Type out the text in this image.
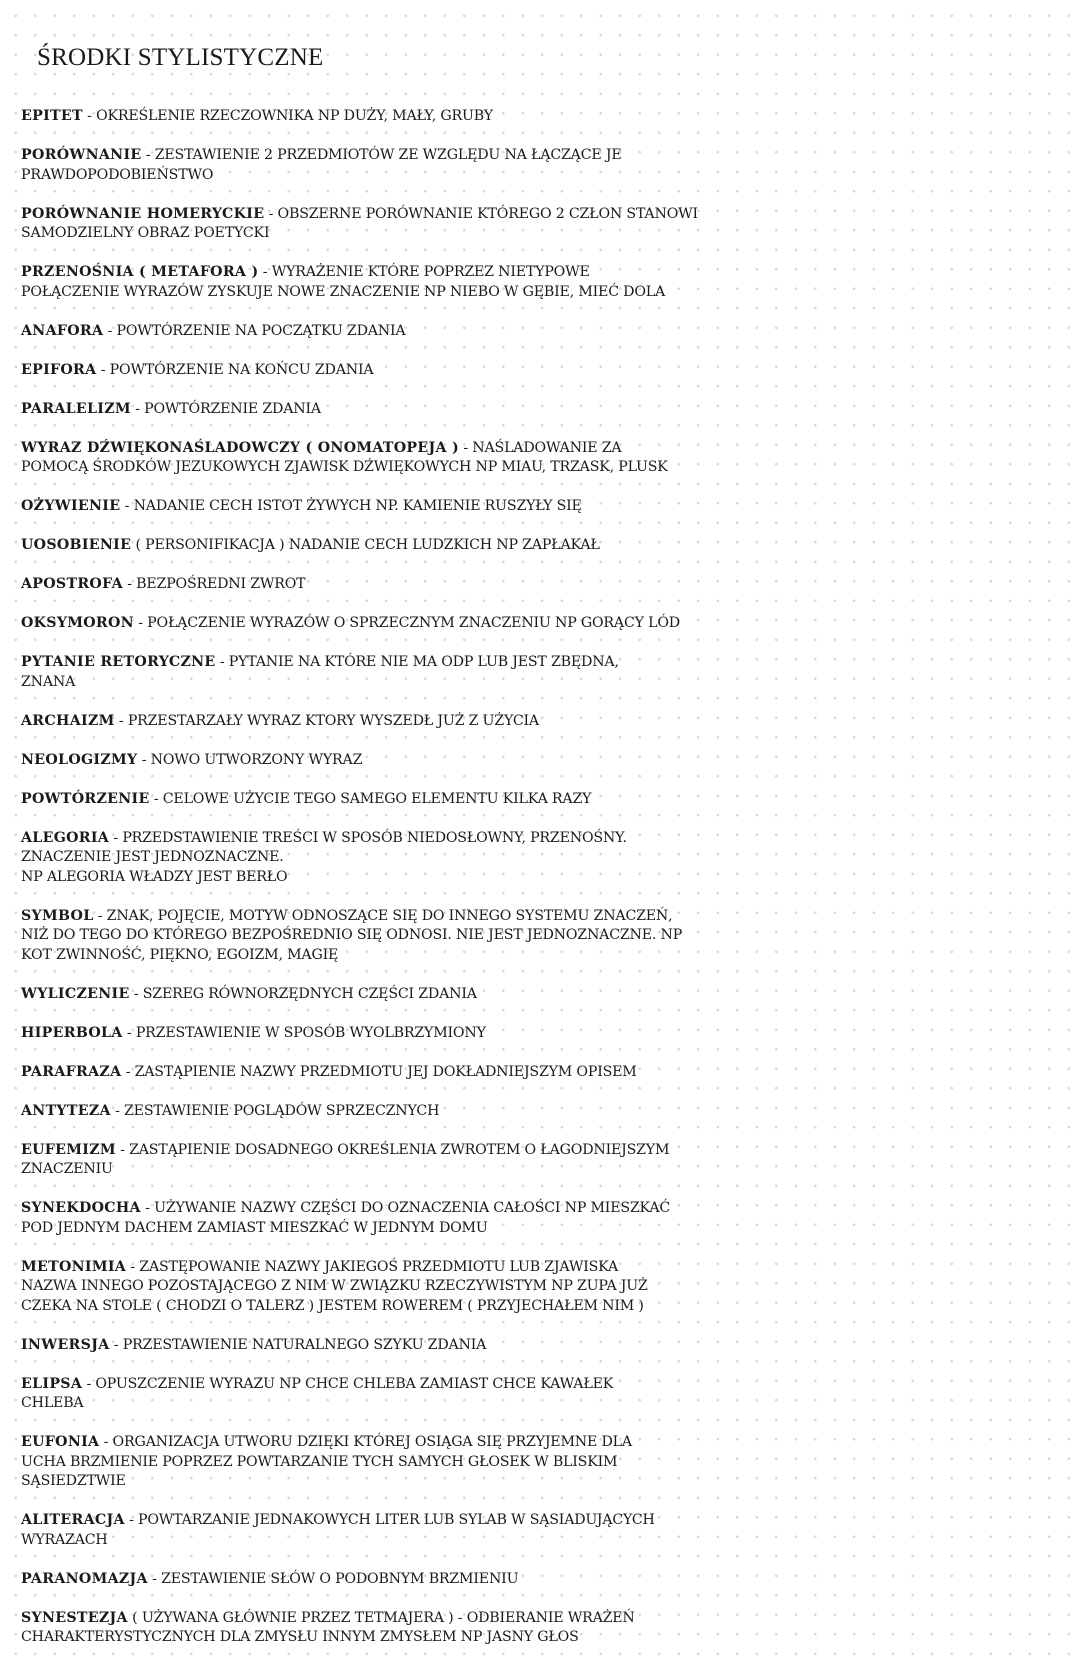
ŚRODKI STYLISTYCZNE

EPITET - OKREŚLENIE RZECZOWNIKA NP DUŻY, MAŁY, GRUBY

PORÓWNANIE - ZESTAWIENIE 2 PRZEDMIOTÓW ZE WZGLĘDU NA ŁĄCZĄCE JE
PRAWDOPODOBIEŃSTWO

PORÓWNANIE HOMERYCKIE - OBSZERNE PORÓWNANIE KTÓREGO 2 CZŁON STANOWI
SAMODZIELNY OBRAZ POETYCKI

PRZENOŚNIA ( METAFORA ) - WYRAŻENIE KTÓRE POPRZEZ NIETYPOWE
POŁĄCZENIE WYRAZÓW ZYSKUJE NOWE ZNACZENIE NP NIEBO W GĘBIE, MIEĆ DOLA

ANAFORA - POWTÓRZENIE NA POCZĄTKU ZDANIA

EPIFORA - POWTÓRZENIE NA KOŃCU ZDANIA

PARALELIZM - POWTÓRZENIE ZDANIA

WYRAZ DŹWIĘKONAŚLADOWCZY ( ONOMATOPEJA ) - NAŚLADOWANIE ZA
POMOCĄ ŚRODKÓW JEZUKOWYCH ZJAWISK DŹWIĘKOWYCH NP MIAU, TRZASK, PLUSK

OŻYWIENIE - NADANIE CECH ISTOT ŻYWYCH NP. KAMIENIE RUSZYŁY SIĘ

UOSOBIENIE ( PERSONIFIKACJA ) NADANIE CECH LUDZKICH NP ZAPŁAKAŁ

APOSTROFA - BEZPOŚREDNI ZWROT

OKSYMORON - POŁĄCZENIE WYRAZÓW O SPRZECZNYM ZNACZENIU NP GORĄCY LÓD

PYTANIE RETORYCZNE - PYTANIE NA KTÓRE NIE MA ODP LUB JEST ZBĘDNA,
ZNANA

ARCHAIZM - PRZESTARZAŁY WYRAZ KTORY WYSZEDŁ JUŻ Z UŻYCIA

NEOLOGIZMY - NOWO UTWORZONY WYRAZ

POWTÓRZENIE - CELOWE UŻYCIE TEGO SAMEGO ELEMENTU KILKA RAZY

ALEGORIA - PRZEDSTAWIENIE TREŚCI W SPOSÓB NIEDOSŁOWNY, PRZENOŚNY.
ZNACZENIE JEST JEDNOZNACZNE.
NP ALEGORIA WŁADZY JEST BERŁO

SYMBOL - ZNAK, POJĘCIE, MOTYW ODNOSZĄCE SIĘ DO INNEGO SYSTEMU ZNACZEŃ,
NIŻ DO TEGO DO KTÓREGO BEZPOŚREDNIO SIĘ ODNOSI. NIE JEST JEDNOZNACZNE. NP
KOT ZWINNOŚĆ, PIĘKNO, EGOIZM, MAGIĘ

WYLICZENIE - SZEREG RÓWNORZĘDNYCH CZĘŚCI ZDANIA

HIPERBOLA - PRZESTAWIENIE W SPOSÓB WYOLBRZYMIONY

PARAFRAZA - ZASTĄPIENIE NAZWY PRZEDMIOTU JEJ DOKŁADNIEJSZYM OPISEM

ANTYTEZA - ZESTAWIENIE POGLĄDÓW SPRZECZNYCH

EUFEMIZM - ZASTĄPIENIE DOSADNEGO OKREŚLENIA ZWROTEM O ŁAGODNIEJSZYM
ZNACZENIU

SYNEKDOCHA - UŻYWANIE NAZWY CZĘŚCI DO OZNACZENIA CAŁOŚCI NP MIESZKAĆ
POD JEDNYM DACHEM ZAMIAST MIESZKAĆ W JEDNYM DOMU

METONIMIA - ZASTĘPOWANIE NAZWY JAKIEGOŚ PRZEDMIOTU LUB ZJAWISKA
NAZWA INNEGO POZOSTAJĄCEGO Z NIM W ZWIĄZKU RZECZYWISTYM NP ZUPA JUŻ
CZEKA NA STOLE ( CHODZI O TALERZ ) JESTEM ROWEREM ( PRZYJECHAŁEM NIM )

INWERSJA - PRZESTAWIENIE NATURALNEGO SZYKU ZDANIA

ELIPSA - OPUSZCZENIE WYRAZU NP CHCE CHLEBA ZAMIAST CHCE KAWAŁEK
CHLEBA

EUFONIA - ORGANIZACJA UTWORU DZIĘKI KTÓREJ OSIĄGA SIĘ PRZYJEMNE DLA
UCHA BRZMIENIE POPRZEZ POWTARZANIE TYCH SAMYCH GŁOSEK W BLISKIM
SĄSIEDZTWIE

ALITERACJA - POWTARZANIE JEDNAKOWYCH LITER LUB SYLAB W SĄSIADUJĄCYCH
WYRAZACH

PARANOMAZJA - ZESTAWIENIE SŁÓW O PODOBNYM BRZMIENIU

SYNESTEZJA ( UŻYWANA GŁÓWNIE PRZEZ TETMAJERA ) - ODBIERANIE WRAŻEŃ
CHARAKTERYSTYCZNYCH DLA ZMYSŁU INNYM ZMYSŁEM NP JASNY GŁOS
